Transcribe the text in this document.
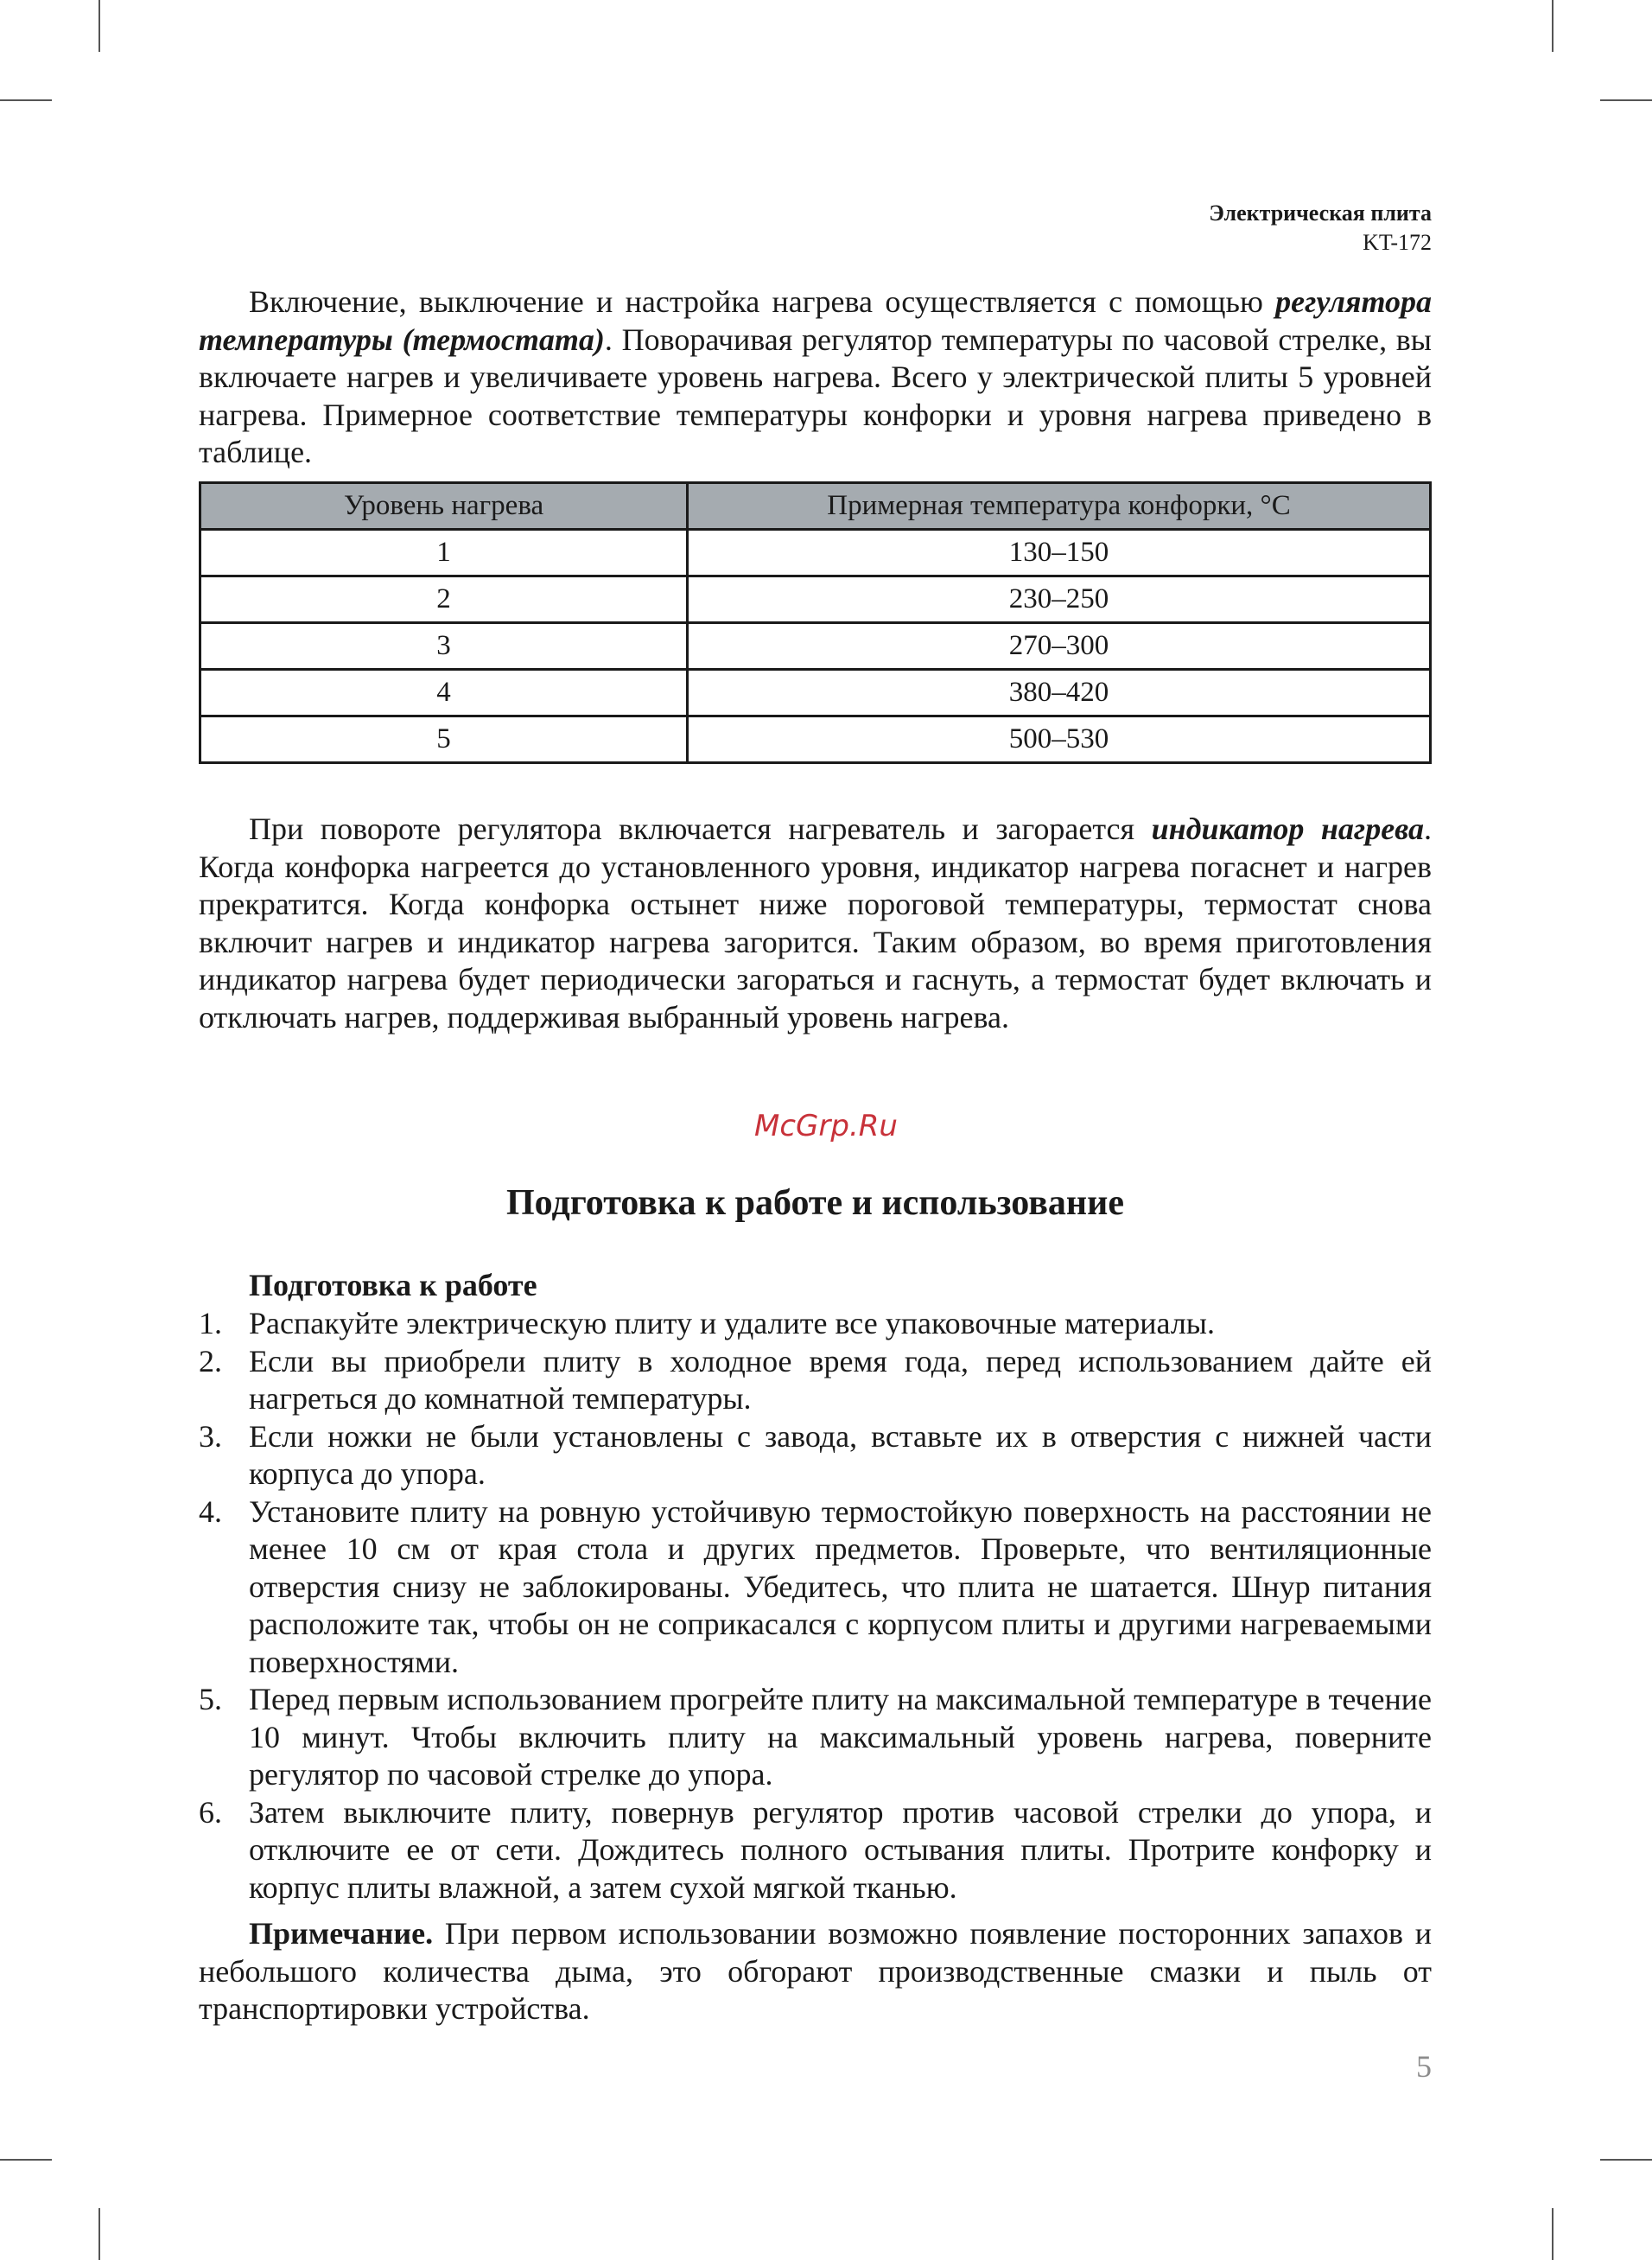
Электрическая плита
KT-172

Включение, выключение и настройка нагрева осуществляется с помощью регулятора температуры (термостата). Поворачивая регулятор температуры по часовой стрелке, вы включаете нагрев и увеличиваете уровень нагрева. Всего у электрической плиты 5 уровней нагрева. Примерное соответствие температуры конфорки и уровня нагрева приведено в таблице.

Уровень нагрева	Примерная температура конфорки, °C
1	130–150
2	230–250
3	270–300
4	380–420
5	500–530

При повороте регулятора включается нагреватель и загорается индикатор нагрева. Когда конфорка нагреется до установленного уровня, индикатор нагрева погаснет и нагрев прекратится. Когда конфорка остынет ниже пороговой температуры, термостат снова включит нагрев и индикатор нагрева загорится. Таким образом, во время приготовления индикатор нагрева будет периодически загораться и гаснуть, а термостат будет включать и отключать нагрев, поддерживая выбранный уровень нагрева.

McGrp.Ru
Подготовка к работе и использование
Подготовка к работе
1. Распакуйте электрическую плиту и удалите все упаковочные материалы.
2. Если вы приобрели плиту в холодное время года, перед использованием дайте ей нагреться до комнатной температуры.
3. Если ножки не были установлены с завода, вставьте их в отверстия с нижней части корпуса до упора.
4. Установите плиту на ровную устойчивую термостойкую поверхность на расстоянии не менее 10 см от края стола и других предметов. Проверьте, что вентиляционные отверстия снизу не заблокированы. Убедитесь, что плита не шатается. Шнур питания расположите так, чтобы он не соприкасался с корпусом плиты и другими нагреваемыми поверхностями.
5. Перед первым использованием прогрейте плиту на максимальной температуре в течение 10 минут. Чтобы включить плиту на максимальный уровень нагрева, поверните регулятор по часовой стрелке до упора.
6. Затем выключите плиту, повернув регулятор против часовой стрелки до упора, и отключите ее от сети. Дождитесь полного остывания плиты. Протрите конфорку и корпус плиты влажной, а затем сухой мягкой тканью.

Примечание. При первом использовании возможно появление посторонних запахов и небольшого количества дыма, это обгорают производственные смазки и пыль от транспортировки устройства.

5
